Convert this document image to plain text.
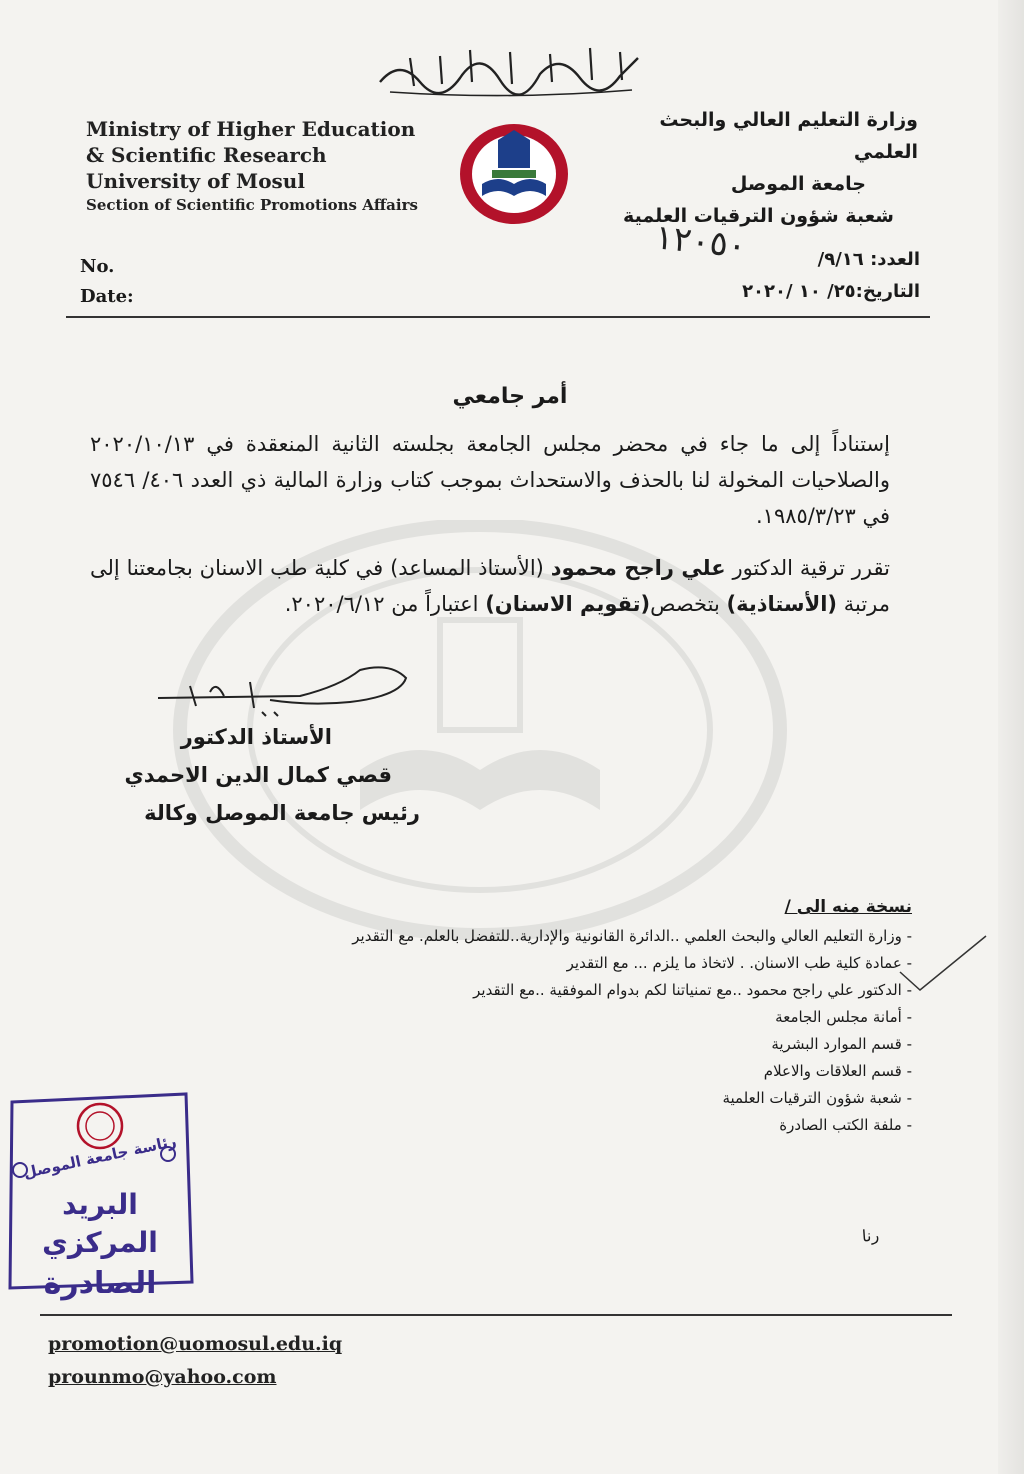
Ministry of Higher Education
& Scientific Research
University of Mosul
Section of Scientific Promotions Affairs
وزارة التعليم العالي والبحث العلمي
جامعة الموصل
شعبة شؤون الترقيات العلمية
No.
Date:
١٢٠٥٠	العدد: ٩/١٦/
التاريخ:٢٥/ ١٠ /٢٠٢٠
أمر جامعي

إستناداً إلى ما جاء في محضر مجلس الجامعة بجلسته الثانية المنعقدة في ٢٠٢٠/١٠/١٣ والصلاحيات المخولة لنا بالحذف والاستحداث بموجب كتاب وزارة المالية ذي العدد ٤٠٦/ ٧٥٤٦ في ١٩٨٥/٣/٢٣.

تقرر ترقية الدكتور علي راجح محمود (الأستاذ المساعد) في كلية طب الاسنان بجامعتنا إلى مرتبة (الأستاذية) بتخصص(تقويم الاسنان) اعتباراً من ٢٠٢٠/٦/١٢.

الأستاذ الدكتور
قصي كمال الدين الاحمدي
رئيس جامعة الموصل وكالة
نسخة منه الى /
- وزارة التعليم العالي والبحث العلمي ..الدائرة القانونية والإدارية..للتفضل بالعلم. مع التقدير
- عمادة كلية طب الاسنان. . لاتخاذ ما يلزم ... مع التقدير
- الدكتور علي راجح محمود ..مع تمنياتنا لكم بدوام الموفقية ..مع التقدير
- أمانة مجلس الجامعة
- قسم الموارد البشرية
- قسم العلاقات والاعلام
- شعبة شؤون الترقيات العلمية
- ملفة الكتب الصادرة
رئاسة جامعة الموصل
البريد المركزي
الصادرة
رنا
promotion@uomosul.edu.iq
prounmo@yahoo.com
